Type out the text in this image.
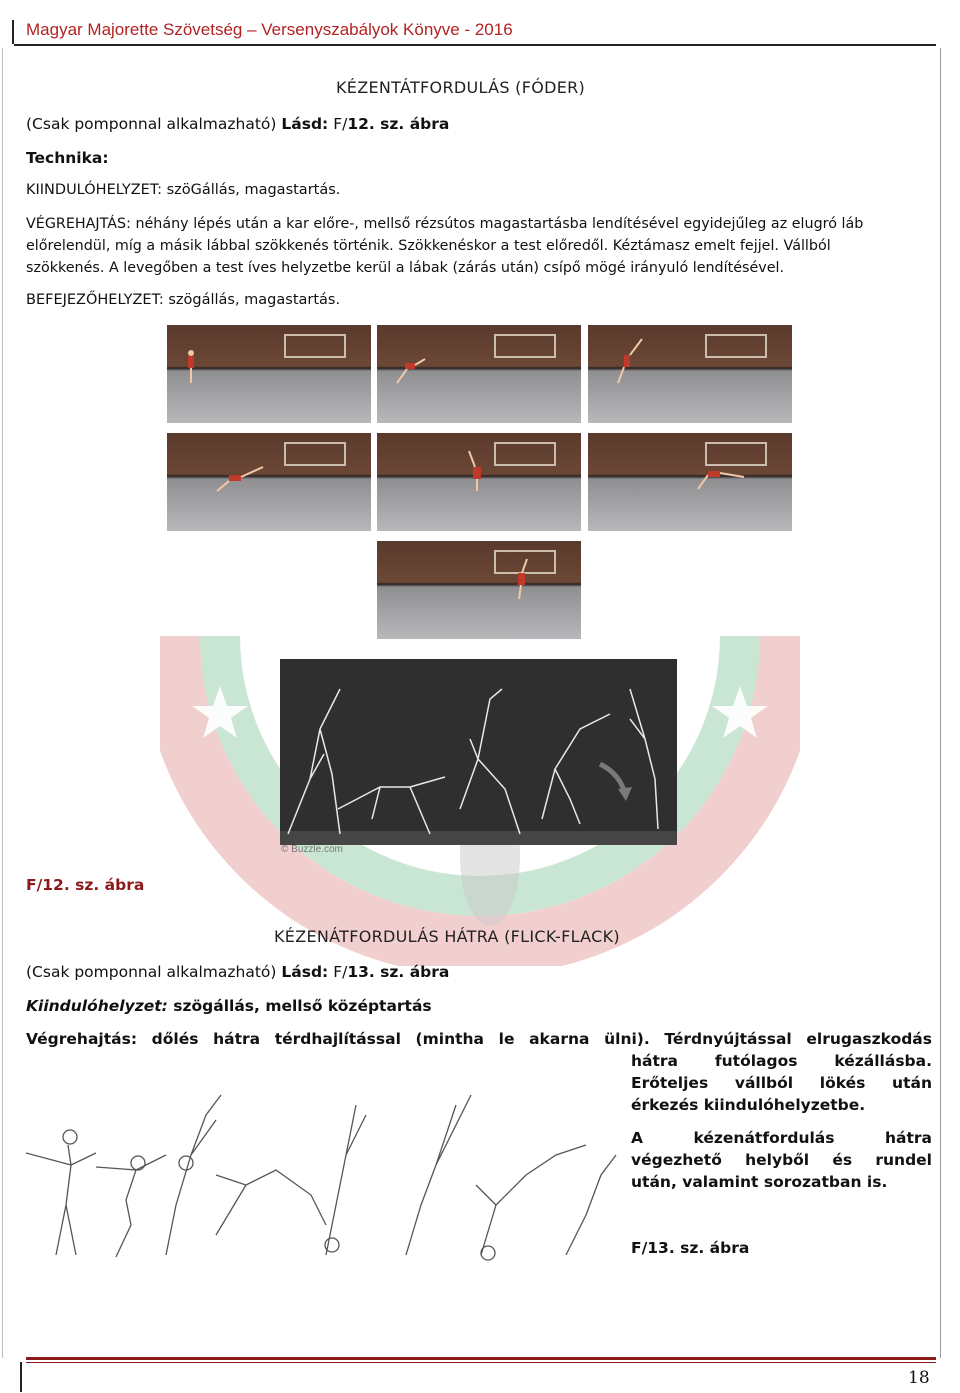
Magyar Majorette Szövetség – Versenyszabályok Könyve - 2016
KÉZENTÁTFORDULÁS (FÓDER)
(Csak pomponnal alkalmazható) Lásd: F/12. sz. ábra
Technika:
KIINDULÓHELYZET: szöGállás, magastartás.
VÉGREHAJTÁS: néhány lépés után a kar előre-, mellső rézsútos magastartásba lendítésével egyidejűleg az elugró láb
előrelendül, míg a másik lábbal szökkenés történik. Szökkenéskor a test előredől. Kéztámasz emelt fejjel. Vállból
szökkenés. A levegőben a test íves helyzetbe kerül a lábak (zárás után) csípő mögé irányuló lendítésével.
BEFEJEZŐHELYZET: szögállás, magastartás.
© Buzzle.com
F/12. sz. ábra
KÉZENÁTFORDULÁS HÁTRA (FLICK-FLACK)
(Csak pomponnal alkalmazható) Lásd: F/13. sz. ábra
Kiindulóhelyzet: szögállás, mellső középtartás
Végrehajtás: dőlés hátra térdhajlítással (mintha le akarna ülni). Térdnyújtással elrugaszkodás
hátra futólagos kézállásba.
Erőteljes vállból lökés után
érkezés kiindulóhelyzetbe.
A kézenátfordulás hátra
végezhető helyből és rundel
után, valamint sorozatban is.
F/13. sz. ábra
18
